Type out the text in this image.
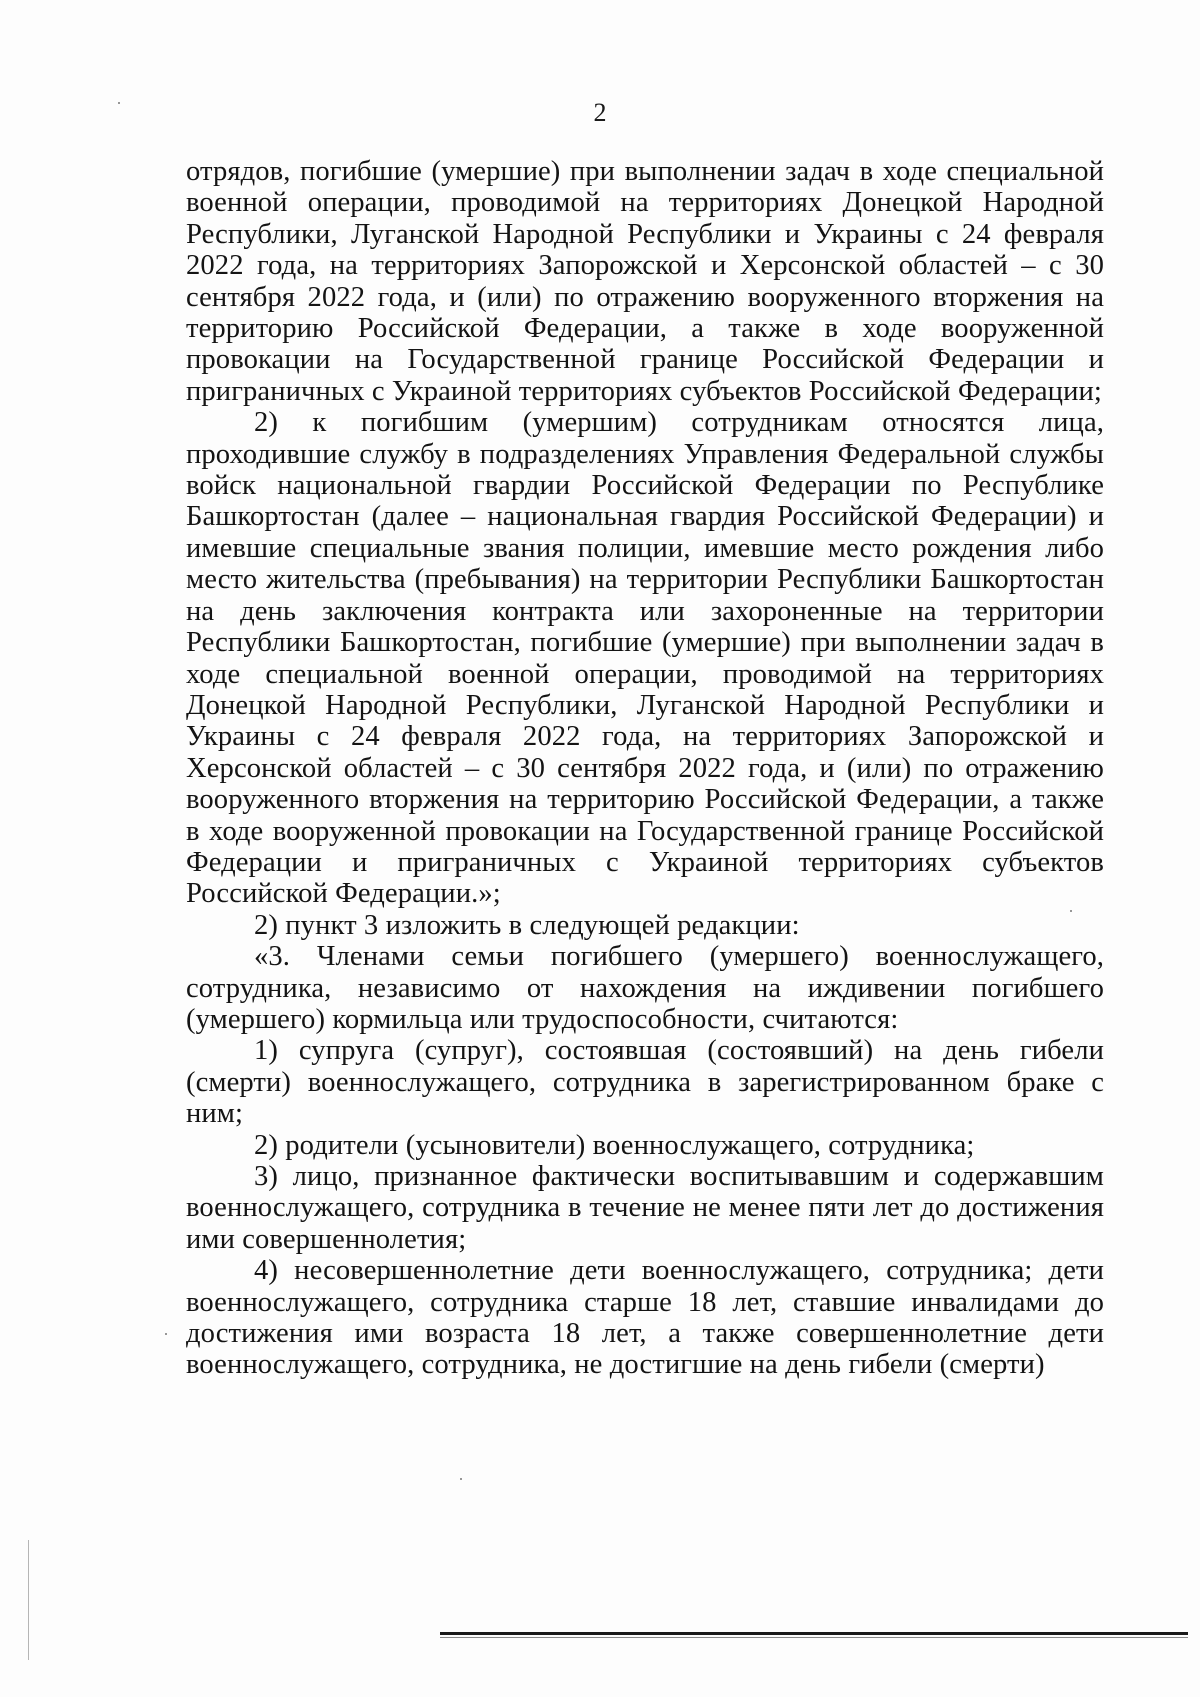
2

отрядов, погибшие (умершие) при выполнении задач в ходе специальной военной операции, проводимой на территориях Донецкой Народной Республики, Луганской Народной Республики и Украины с 24 февраля 2022 года, на территориях Запорожской и Херсонской областей – с 30 сентября 2022 года, и (или) по отражению вооруженного вторжения на территорию Российской Федерации, а также в ходе вооруженной провокации на Государственной границе Российской Федерации и приграничных с Украиной территориях субъектов Российской Федерации;

2) к погибшим (умершим) сотрудникам относятся лица, проходившие службу в подразделениях Управления Федеральной службы войск национальной гвардии Российской Федерации по Республике Башкортостан (далее – национальная гвардия Российской Федерации) и имевшие специальные звания полиции, имевшие место рождения либо место жительства (пребывания) на территории Республики Башкортостан на день заключения контракта или захороненные на территории Республики Башкортостан, погибшие (умершие) при выполнении задач в ходе специальной военной операции, проводимой на территориях Донецкой Народной Республики, Луганской Народной Республики и Украины с 24 февраля 2022 года, на территориях Запорожской и Херсонской областей – с 30 сентября 2022 года, и (или) по отражению вооруженного вторжения на территорию Российской Федерации, а также в ходе вооруженной провокации на Государственной границе Российской Федерации и приграничных с Украиной территориях субъектов Российской Федерации.»;

2) пункт 3 изложить в следующей редакции:

«3. Членами семьи погибшего (умершего) военнослужащего, сотрудника, независимо от нахождения на иждивении погибшего (умершего) кормильца или трудоспособности, считаются:

1) супруга (супруг), состоявшая (состоявший) на день гибели (смерти) военнослужащего, сотрудника в зарегистрированном браке с ним;

2) родители (усыновители) военнослужащего, сотрудника;

3) лицо, признанное фактически воспитывавшим и содержавшим военнослужащего, сотрудника в течение не менее пяти лет до достижения ими совершеннолетия;

4) несовершеннолетние дети военнослужащего, сотрудника; дети военнослужащего, сотрудника старше 18 лет, ставшие инвалидами до достижения ими возраста 18 лет, а также совершеннолетние дети военнослужащего, сотрудника, не достигшие на день гибели (смерти)
